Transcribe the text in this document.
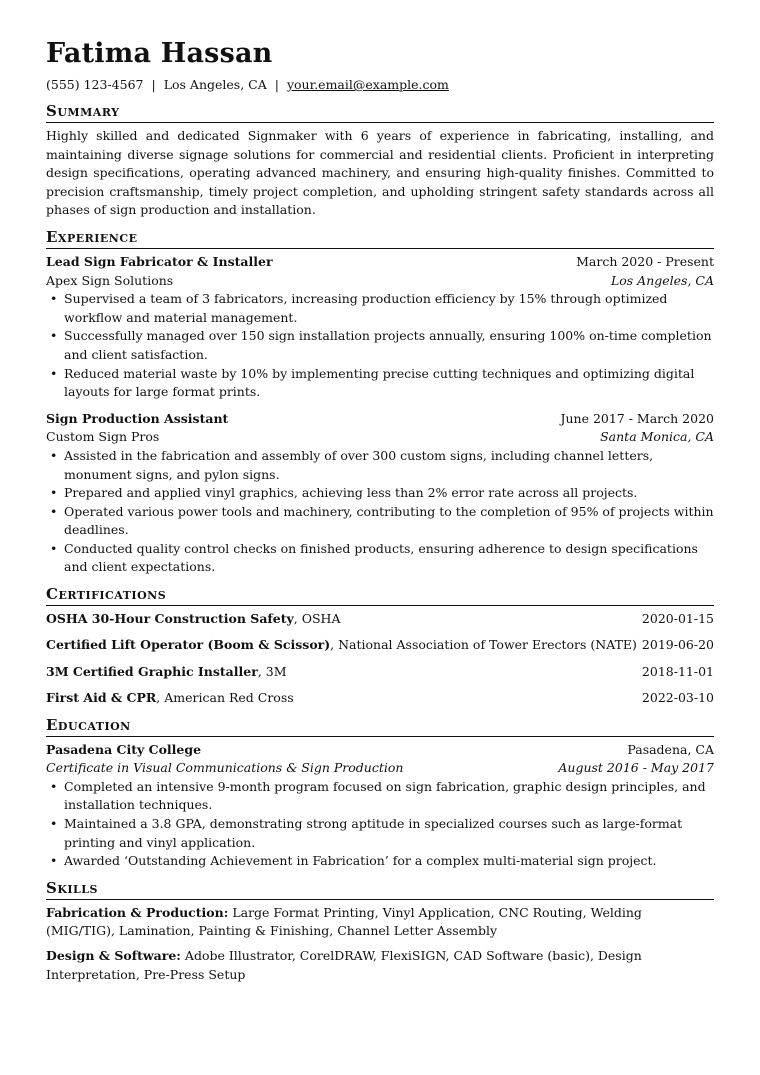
Fatima Hassan
(555) 123-4567 | Los Angeles, CA | your.email@example.com
Summary

Highly skilled and dedicated Signmaker with 6 years of experience in fabricating, installing, and maintaining diverse signage solutions for commercial and residential clients. Proficient in interpreting design specifications, operating advanced machinery, and ensuring high-quality finishes. Committed to precision craftsmanship, timely project completion, and upholding stringent safety standards across all phases of sign production and installation.

Experience
Lead Sign Fabricator & Installer	March 2020 - Present
Apex Sign Solutions	Los Angeles, CA
• Supervised a team of 3 fabricators, increasing production efficiency by 15% through optimized workflow and material management.
• Successfully managed over 150 sign installation projects annually, ensuring 100% on-time completion and client satisfaction.
• Reduced material waste by 10% by implementing precise cutting techniques and optimizing digital layouts for large format prints.
Sign Production Assistant	June 2017 - March 2020
Custom Sign Pros	Santa Monica, CA
• Assisted in the fabrication and assembly of over 300 custom signs, including channel letters, monument signs, and pylon signs.
• Prepared and applied vinyl graphics, achieving less than 2% error rate across all projects.
• Operated various power tools and machinery, contributing to the completion of 95% of projects within deadlines.
• Conducted quality control checks on finished products, ensuring adherence to design specifications and client expectations.
Certifications
OSHA 30-Hour Construction Safety, OSHA	2020-01-15
Certified Lift Operator (Boom & Scissor), National Association of Tower Erectors (NATE) 2019-06-20
3M Certified Graphic Installer, 3M	2018-11-01
First Aid & CPR, American Red Cross	2022-03-10
Education
Pasadena City College	Pasadena, CA
Certificate in Visual Communications & Sign Production	August 2016 - May 2017
• Completed an intensive 9-month program focused on sign fabrication, graphic design principles, and installation techniques.
• Maintained a 3.8 GPA, demonstrating strong aptitude in specialized courses such as large-format printing and vinyl application.
• Awarded ‘Outstanding Achievement in Fabrication’ for a complex multi-material sign project.
Skills
Fabrication & Production: Large Format Printing, Vinyl Application, CNC Routing, Welding (MIG/TIG), Lamination, Painting & Finishing, Channel Letter Assembly
Design & Software: Adobe Illustrator, CorelDRAW, FlexiSIGN, CAD Software (basic), Design Interpretation, Pre-Press Setup
